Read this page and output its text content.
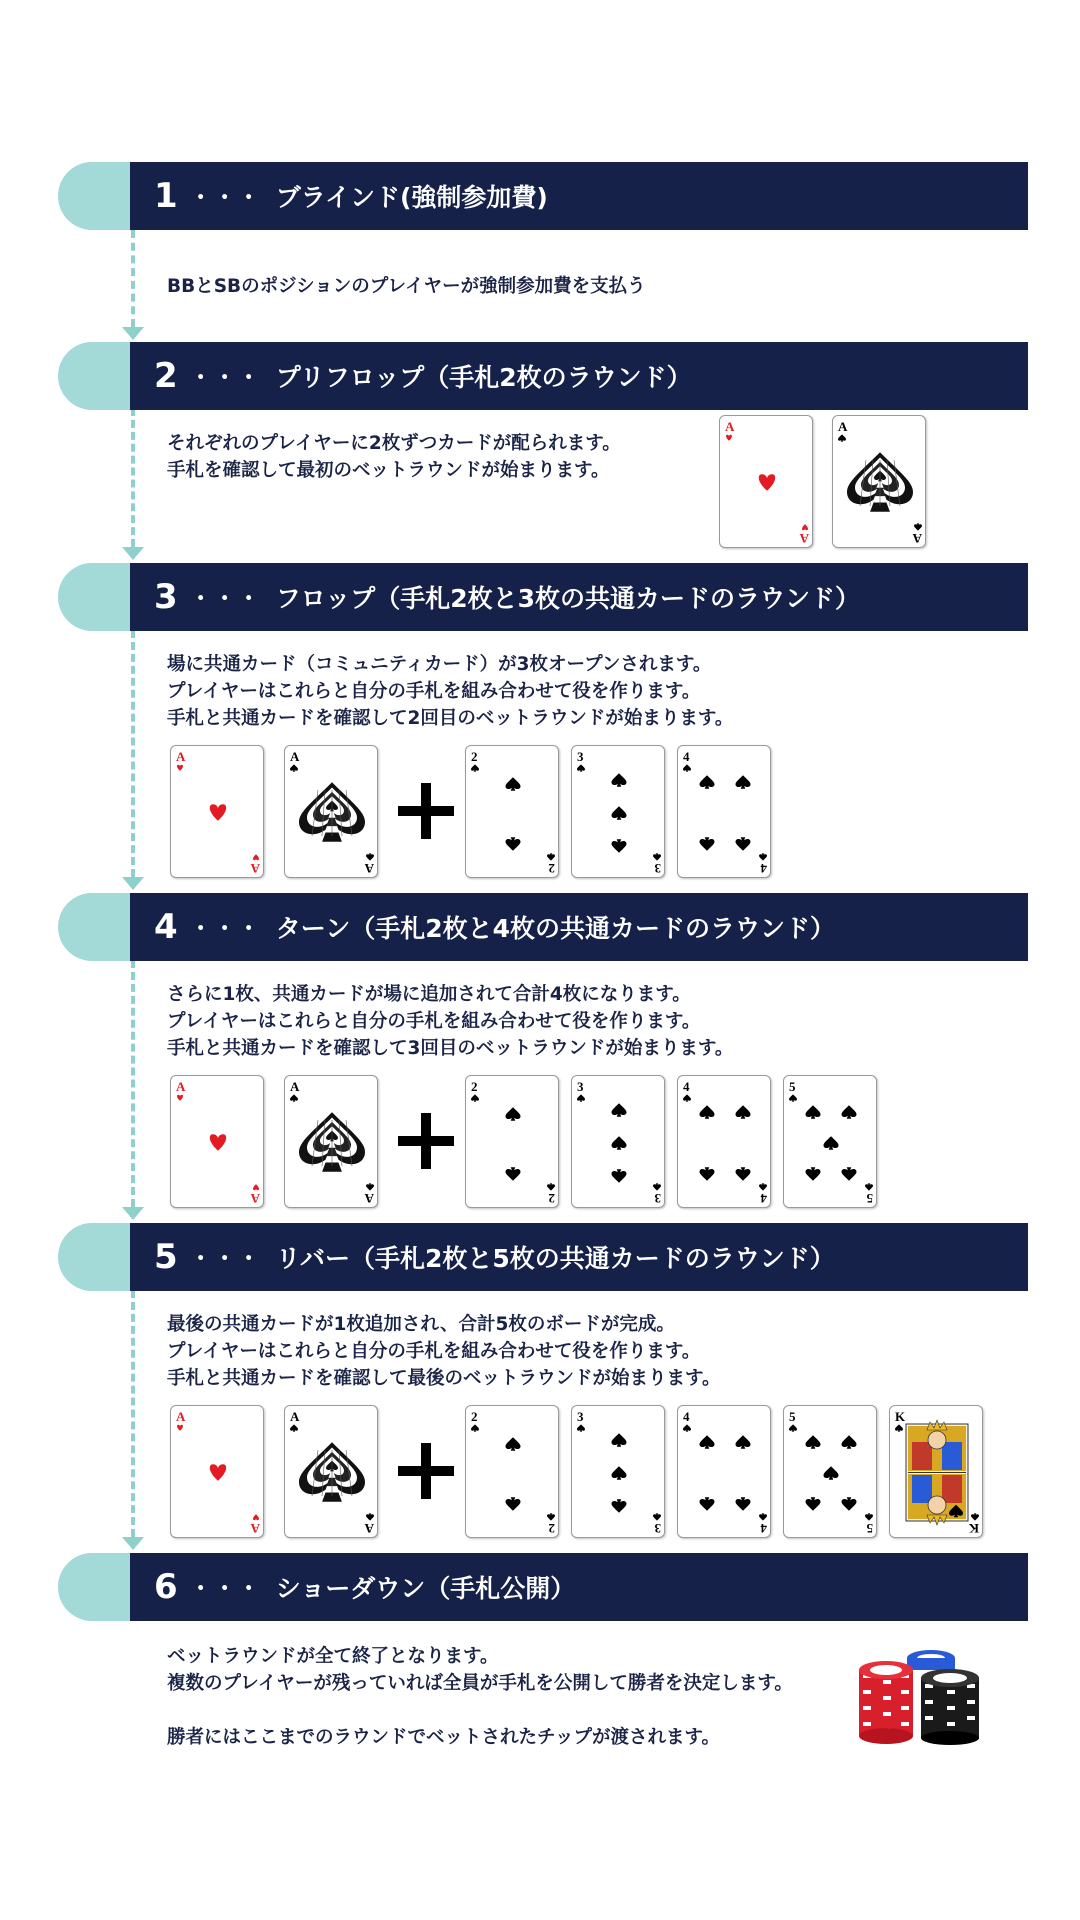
1 ・・・ ブラインド(強制参加費)
BBとSBのポジションのプレイヤーが強制参加費を支払う
2 ・・・ プリフロップ（手札2枚のラウンド）
それぞれのプレイヤーに2枚ずつカードが配られます。
手札を確認して最初のベットラウンドが始まります。
3 ・・・ フロップ（手札2枚と3枚の共通カードのラウンド）
場に共通カード（コミュニティカード）が3枚オープンされます。
プレイヤーはこれらと自分の手札を組み合わせて役を作ります。
手札と共通カードを確認して2回目のベットラウンドが始まります。
4 ・・・ ターン（手札2枚と4枚の共通カードのラウンド）
さらに1枚、共通カードが場に追加されて合計4枚になります。
プレイヤーはこれらと自分の手札を組み合わせて役を作ります。
手札と共通カードを確認して3回目のベットラウンドが始まります。
5 ・・・ リバー（手札2枚と5枚の共通カードのラウンド）
最後の共通カードが1枚追加され、合計5枚のボードが完成。
プレイヤーはこれらと自分の手札を組み合わせて役を作ります。
手札と共通カードを確認して最後のベットラウンドが始まります。
6 ・・・ ショーダウン（手札公開）
ベットラウンドが全て終了となります。
複数のプレイヤーが残っていれば全員が手札を公開して勝者を決定します。
勝者にはここまでのラウンドでベットされたチップが渡されます。
A
A
A
A
A
A
A
A
2
2
3
3
4
4
A
A
A
A
2
2
3
3
4
4
5
5
A
A
A
A
2
2
3
3
4
4
5
5
K
K
